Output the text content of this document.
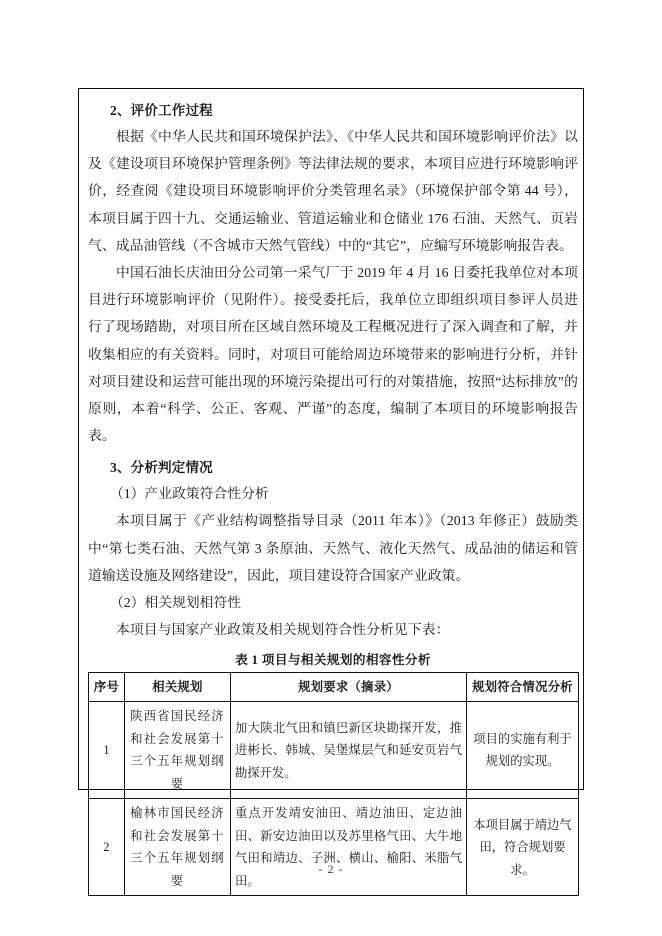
2、评价工作过程

根据《中华人民共和国环境保护法》、《中华人民共和国环境影响评价法》以及《建设项目环境保护管理条例》等法律法规的要求，本项目应进行环境影响评价，经查阅《建设项目环境影响评价分类管理名录》（环境保护部令第 44 号），本项目属于四十九、交通运输业、管道运输业和仓储业 176 石油、天然气、页岩气、成品油管线（不含城市天然气管线）中的“其它”，应编写环境影响报告表。

中国石油长庆油田分公司第一采气厂于 2019 年 4 月 16 日委托我单位对本项目进行环境影响评价（见附件）。接受委托后，我单位立即组织项目参评人员进行了现场踏勘，对项目所在区域自然环境及工程概况进行了深入调查和了解，并收集相应的有关资料。同时，对项目可能给周边环境带来的影响进行分析，并针对项目建设和运营可能出现的环境污染提出可行的对策措施，按照“达标排放”的原则，本着“科学、公正、客观、严谨”的态度，编制了本项目的环境影响报告表。

3、分析判定情况
（1）产业政策符合性分析

本项目属于《产业结构调整指导目录（2011 年本）》（2013 年修正）鼓励类中“第七类石油、天然气第 3 条原油、天然气、液化天然气、成品油的储运和管道输送设施及网络建设”，因此，项目建设符合国家产业政策。

（2）相关规划相符性

本项目与国家产业政策及相关规划符合性分析见下表：

表 1 项目与相关规划的相容性分析
序号	相关规划	规划要求（摘录）	规划符合情况分析
1	陕西省国民经济和社会发展第十三个五年规划纲要	加大陕北气田和镇巴新区块勘探开发，推进彬长、韩城、吴堡煤层气和延安页岩气勘探开发。	项目的实施有利于规划的实现。
2	榆林市国民经济和社会发展第十三个五年规划纲要	重点开发靖安油田、靖边油田、定边油田、新安边油田以及苏里格气田、大牛地气田和靖边、子洲、横山、榆阳、米脂气田。	本项目属于靖边气田，符合规划要求。
- 2 -
